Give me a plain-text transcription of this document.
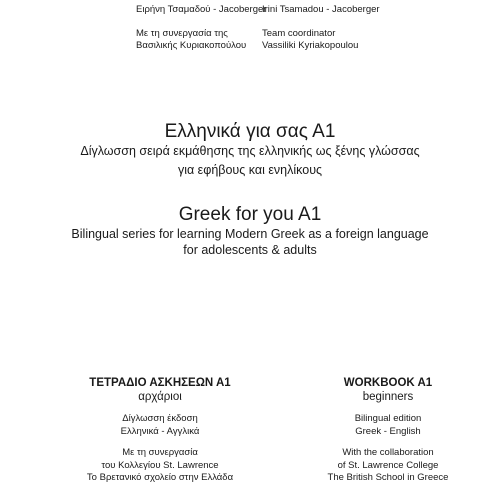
Ειρήνη Τσαμαδού - Jacoberger
Irini Tsamadou - Jacoberger
Με τη συνεργασία της
Βασιλικής Κυριακοπούλου
Team coordinator
Vassiliki Kyriakopoulou
Ελληνικά για σας Α1
Δίγλωσση σειρά εκμάθησης της ελληνικής ως ξένης γλώσσας
για εφήβους και ενηλίκους
Greek for you A1
Bilingual series for learning Modern Greek as a foreign language
for adolescents & adults
ΤΕΤΡΑΔΙΟ ΑΣΚΗΣΕΩΝ Α1
αρχάριοι
Δίγλωσση έκδοση
Ελληνικά - Αγγλικά
Με τη συνεργασία
του Κολλεγίου St. Lawrence
Το Βρετανικό σχολείο στην Ελλάδα
WORKBOOK A1
beginners
Bilingual edition
Greek - English
With the collaboration
of St. Lawrence College
The British School in Greece
